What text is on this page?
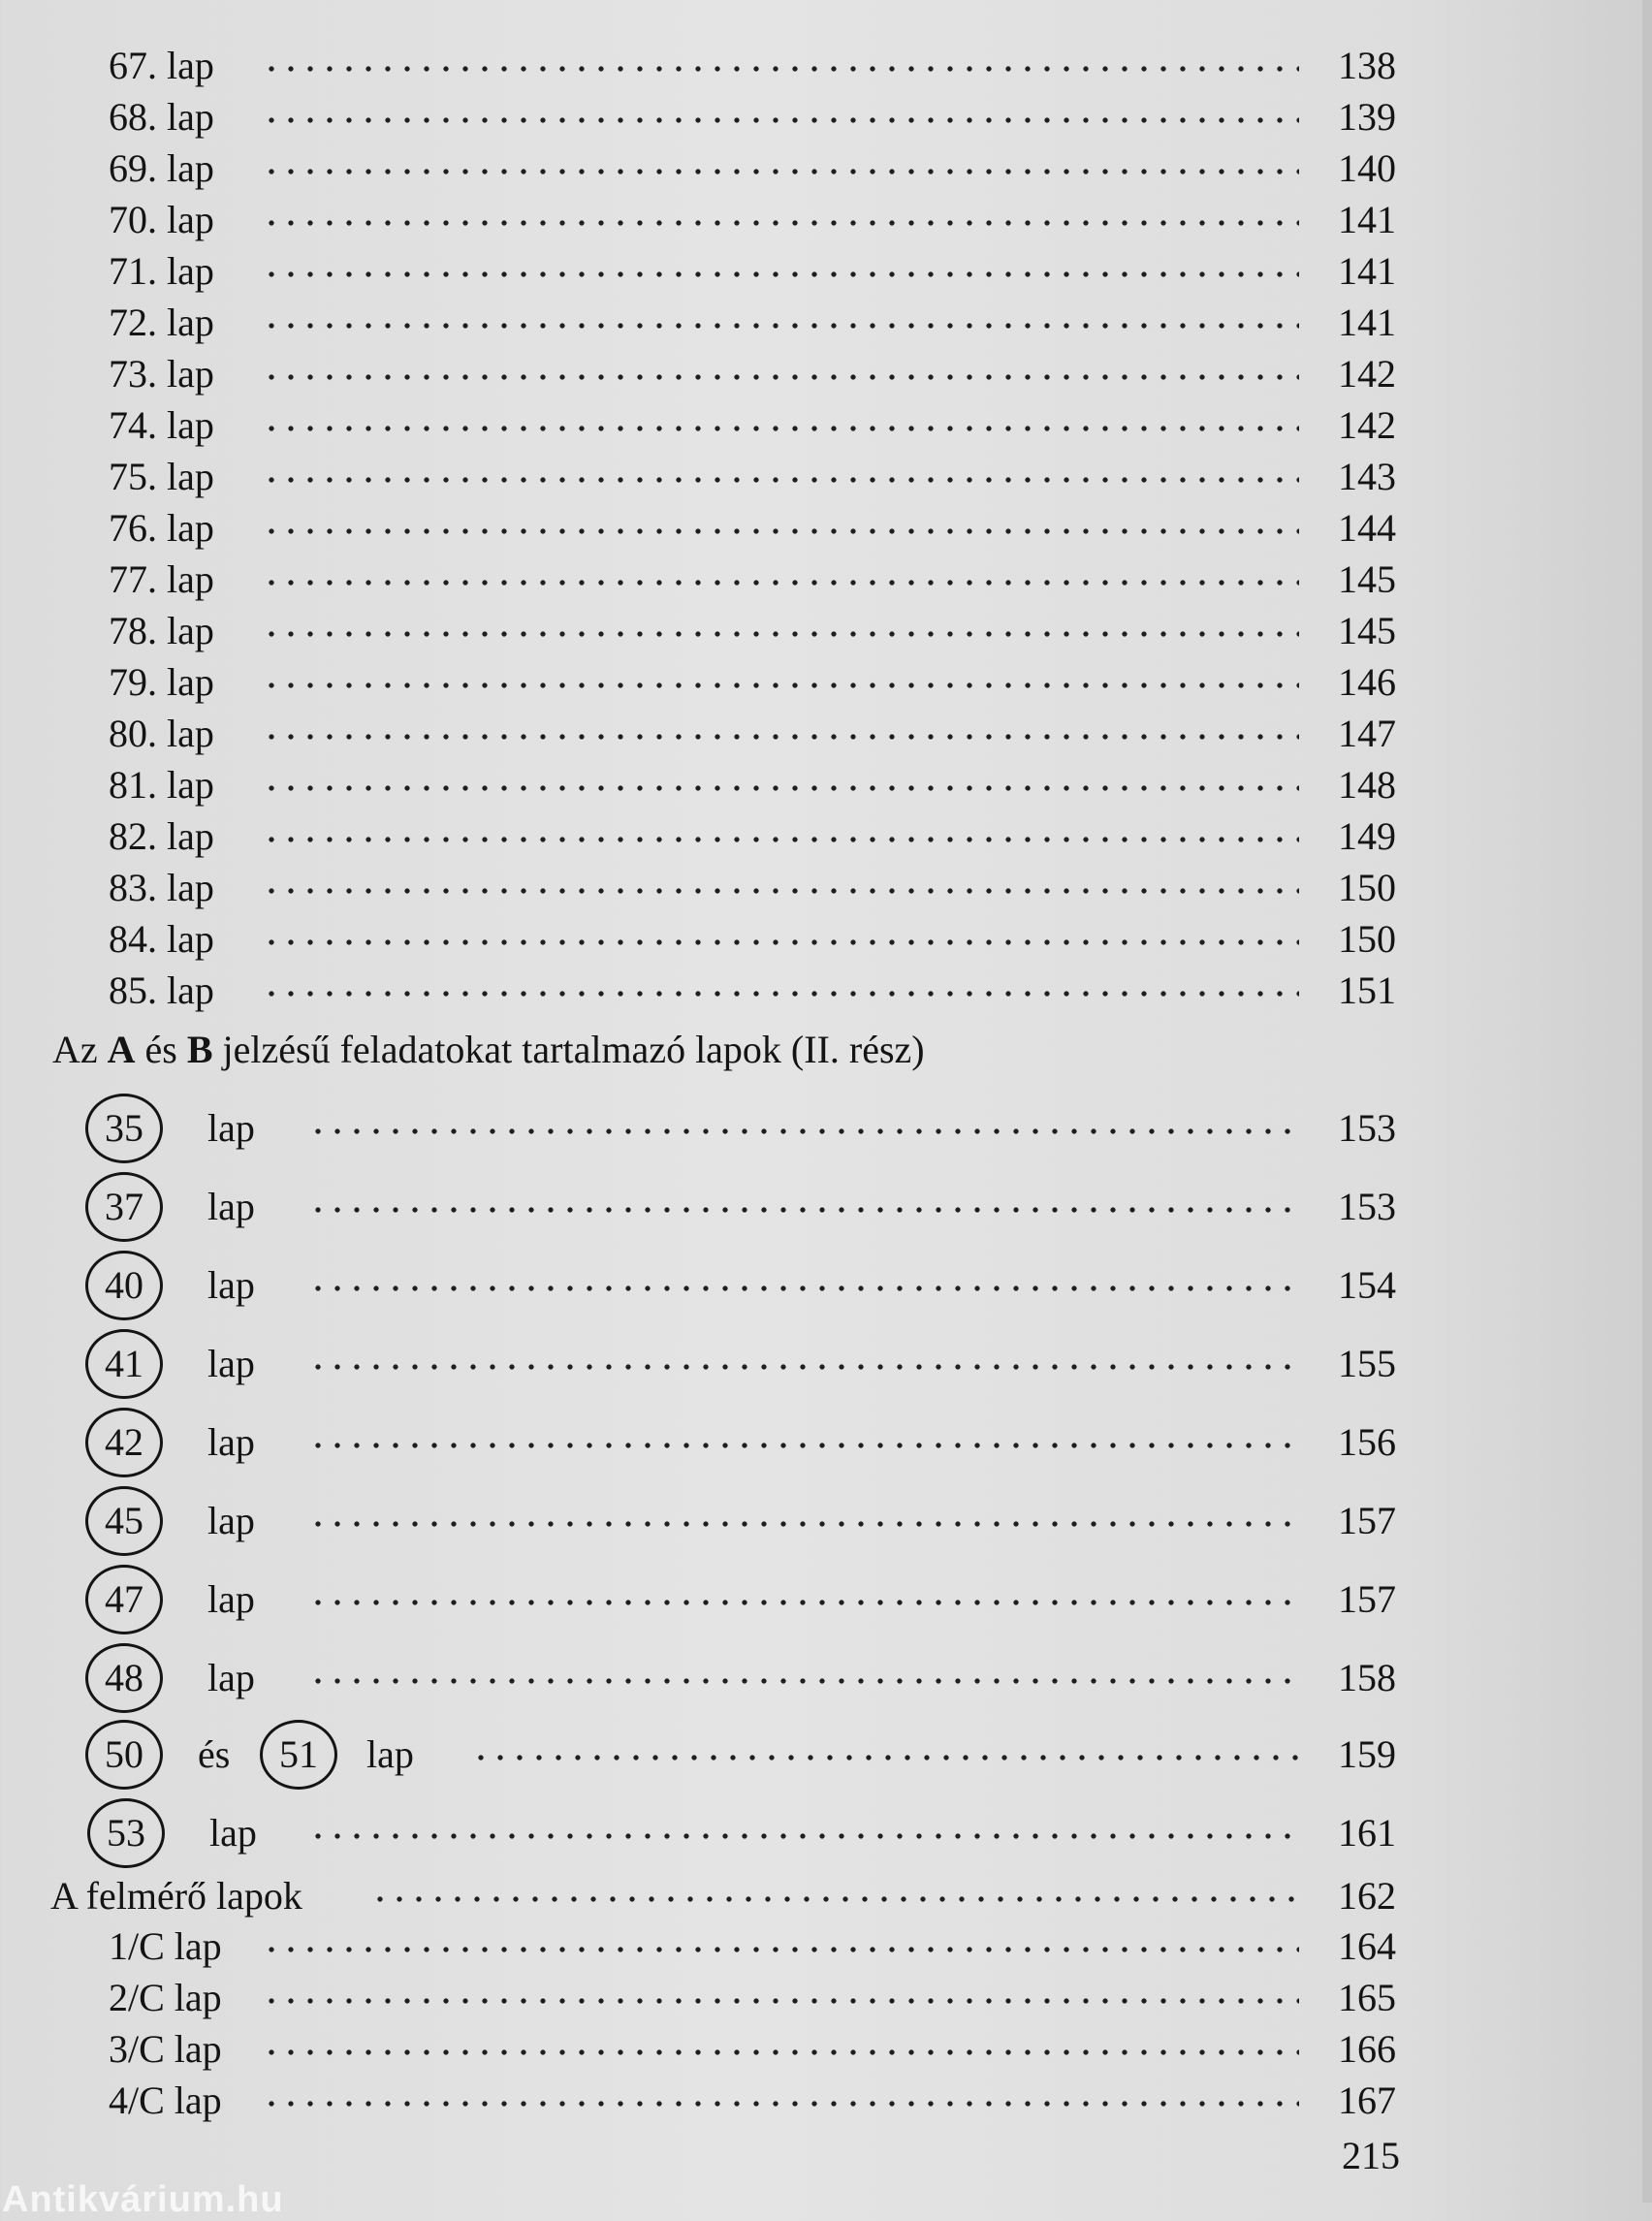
67. lap	138
68. lap	139
69. lap	140
70. lap	141
71. lap	141
72. lap	141
73. lap	142
74. lap	142
75. lap	143
76. lap	144
77. lap	145
78. lap	145
79. lap	146
80. lap	147
81. lap	148
82. lap	149
83. lap	150
84. lap	150
85. lap	151
Az A és B jelzésű feladatokat tartalmazó lapok (II. rész)
35	lap	153
37	lap	153
40	lap	154
41	lap	155
42	lap	156
45	lap	157
47	lap	157
48	lap	158
50	és	51	lap	159
53	lap	161
A felmérő lapok	162
1/C lap	164
2/C lap	165
3/C lap	166
4/C lap	167
215
Antikvárium.hu
